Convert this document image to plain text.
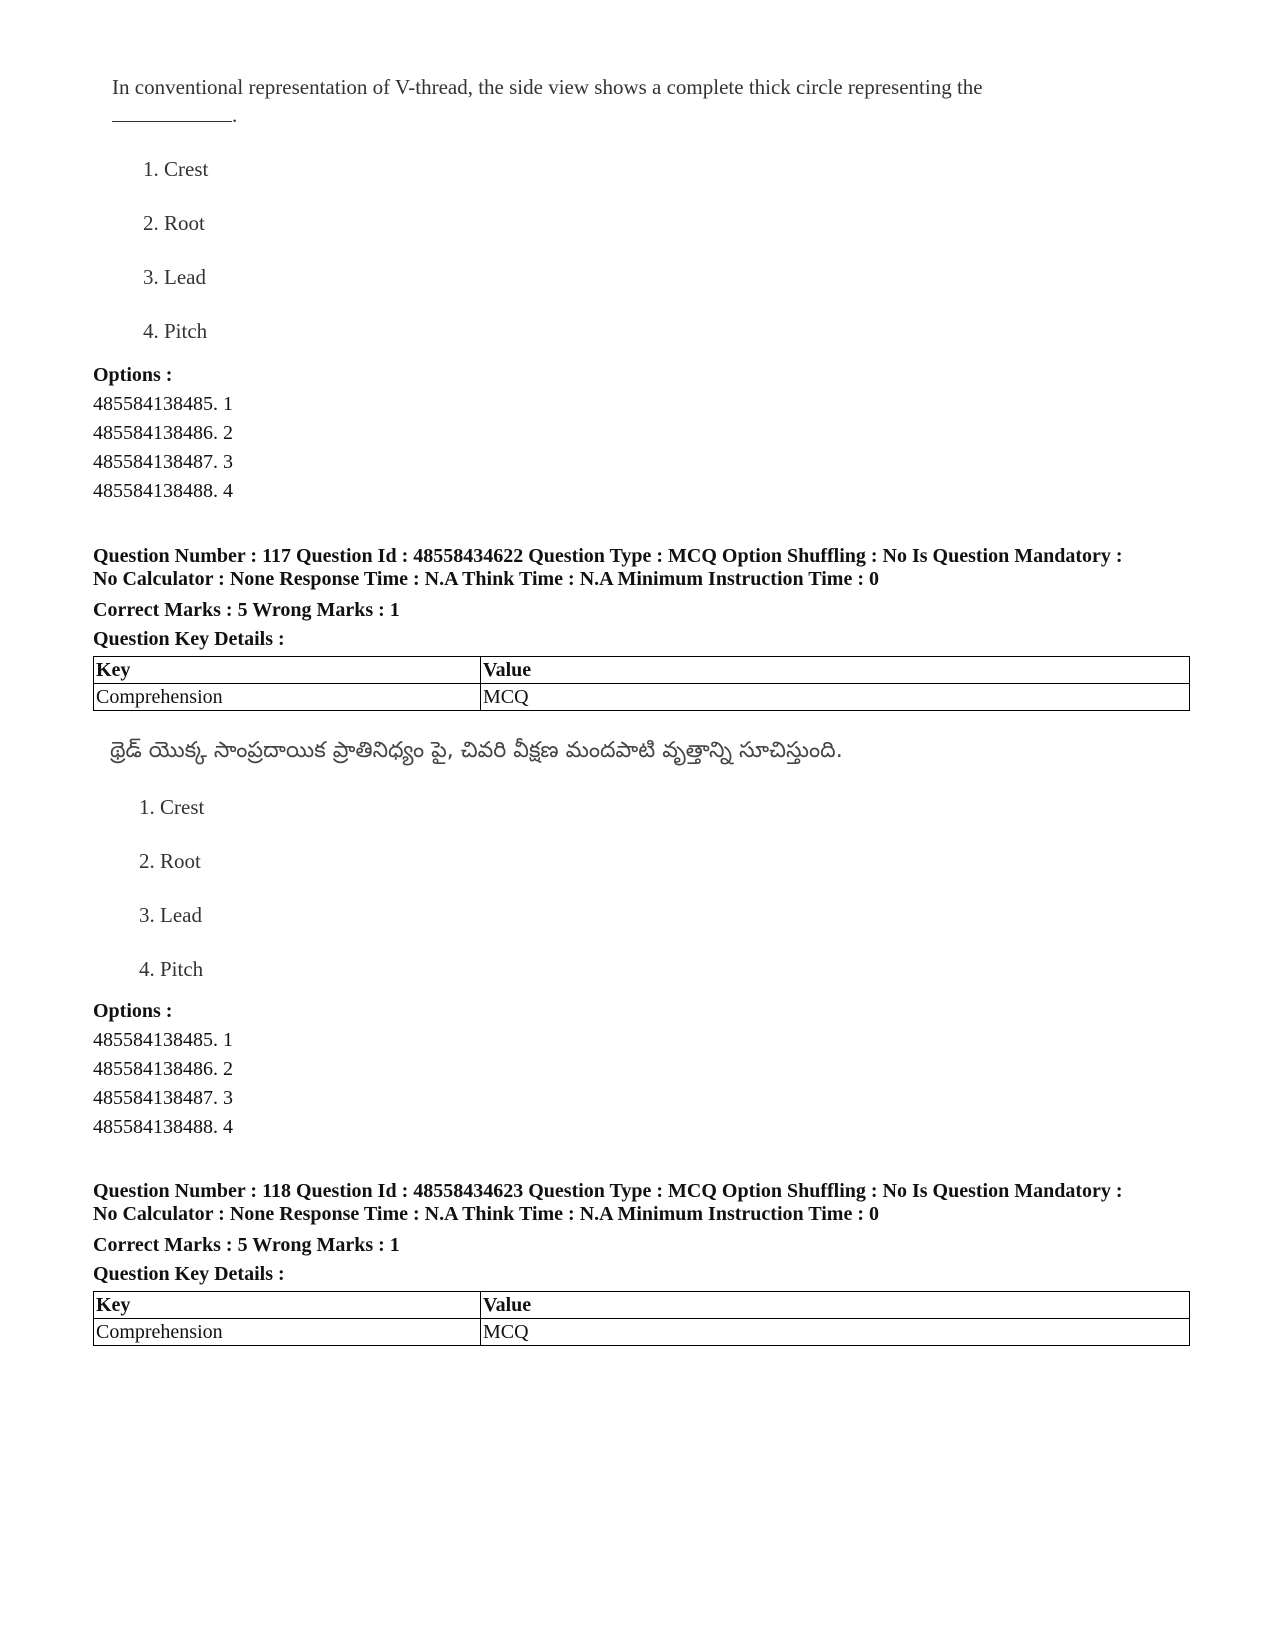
In conventional representation of V-thread, the side view shows a complete thick circle representing the
.
1. Crest
2. Root
3. Lead
4. Pitch
Options :
485584138485. 1
485584138486. 2
485584138487. 3
485584138488. 4
Question Number : 117 Question Id : 48558434622 Question Type : MCQ Option Shuffling : No Is Question Mandatory :
No Calculator : None Response Time : N.A Think Time : N.A Minimum Instruction Time : 0
Correct Marks : 5 Wrong Marks : 1
Question Key Details :
Key	Value
Comprehension	MCQ
థ్రెడ్ యొక్క సాంప్రదాయిక ప్రాతినిధ్యం పై, చివరి వీక్షణ మందపాటి వృత్తాన్ని సూచిస్తుంది.
1. Crest
2. Root
3. Lead
4. Pitch
Options :
485584138485. 1
485584138486. 2
485584138487. 3
485584138488. 4
Question Number : 118 Question Id : 48558434623 Question Type : MCQ Option Shuffling : No Is Question Mandatory :
No Calculator : None Response Time : N.A Think Time : N.A Minimum Instruction Time : 0
Correct Marks : 5 Wrong Marks : 1
Question Key Details :
Key	Value
Comprehension	MCQ
